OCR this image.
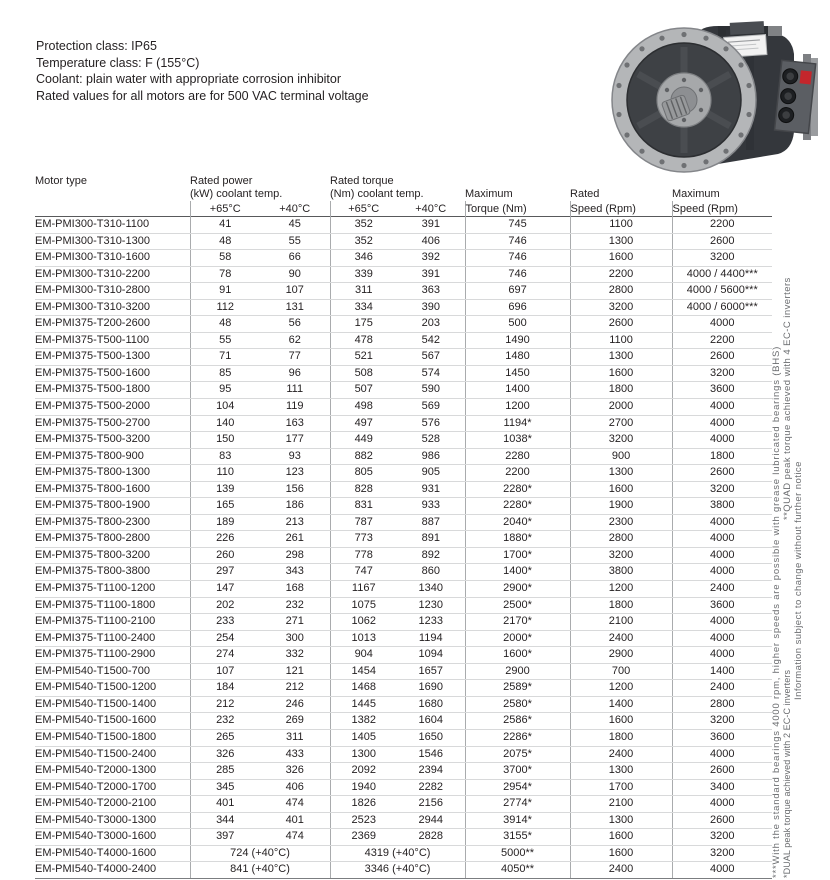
Protection class: IP65
Temperature class: F (155°C)
Coolant: plain water with appropriate corrosion inhibitor
Rated values for all motors are for 500 VAC terminal voltage
Motor type	Rated power		Rated torque				
	(kW) coolant temp.		(Nm) coolant temp.		Maximum	Rated	Maximum
	+65°C	+40°C	+65°C	+40°C	Torque (Nm)	Speed (Rpm)	Speed (Rpm)
EM-PMI300-T310-1100	41	45	352	391	745	1100	2200
EM-PMI300-T310-1300	48	55	352	406	746	1300	2600
EM-PMI300-T310-1600	58	66	346	392	746	1600	3200
EM-PMI300-T310-2200	78	90	339	391	746	2200	4000 / 4400***
EM-PMI300-T310-2800	91	107	311	363	697	2800	4000 / 5600***
EM-PMI300-T310-3200	112	131	334	390	696	3200	4000 / 6000***
EM-PMI375-T200-2600	48	56	175	203	500	2600	4000
EM-PMI375-T500-1100	55	62	478	542	1490	1100	2200
EM-PMI375-T500-1300	71	77	521	567	1480	1300	2600
EM-PMI375-T500-1600	85	96	508	574	1450	1600	3200
EM-PMI375-T500-1800	95	111	507	590	1400	1800	3600
EM-PMI375-T500-2000	104	119	498	569	1200	2000	4000
EM-PMI375-T500-2700	140	163	497	576	1194*	2700	4000
EM-PMI375-T500-3200	150	177	449	528	1038*	3200	4000
EM-PMI375-T800-900	83	93	882	986	2280	900	1800
EM-PMI375-T800-1300	110	123	805	905	2200	1300	2600
EM-PMI375-T800-1600	139	156	828	931	2280*	1600	3200
EM-PMI375-T800-1900	165	186	831	933	2280*	1900	3800
EM-PMI375-T800-2300	189	213	787	887	2040*	2300	4000
EM-PMI375-T800-2800	226	261	773	891	1880*	2800	4000
EM-PMI375-T800-3200	260	298	778	892	1700*	3200	4000
EM-PMI375-T800-3800	297	343	747	860	1400*	3800	4000
EM-PMI375-T1100-1200	147	168	1167	1340	2900*	1200	2400
EM-PMI375-T1100-1800	202	232	1075	1230	2500*	1800	3600
EM-PMI375-T1100-2100	233	271	1062	1233	2170*	2100	4000
EM-PMI375-T1100-2400	254	300	1013	1194	2000*	2400	4000
EM-PMI375-T1100-2900	274	332	904	1094	1600*	2900	4000
EM-PMI540-T1500-700	107	121	1454	1657	2900	700	1400
EM-PMI540-T1500-1200	184	212	1468	1690	2589*	1200	2400
EM-PMI540-T1500-1400	212	246	1445	1680	2580*	1400	2800
EM-PMI540-T1500-1600	232	269	1382	1604	2586*	1600	3200
EM-PMI540-T1500-1800	265	311	1405	1650	2286*	1800	3600
EM-PMI540-T1500-2400	326	433	1300	1546	2075*	2400	4000
EM-PMI540-T2000-1300	285	326	2092	2394	3700*	1300	2600
EM-PMI540-T2000-1700	345	406	1940	2282	2954*	1700	3400
EM-PMI540-T2000-2100	401	474	1826	2156	2774*	2100	4000
EM-PMI540-T3000-1300	344	401	2523	2944	3914*	1300	2600
EM-PMI540-T3000-1600	397	474	2369	2828	3155*	1600	3200
EM-PMI540-T4000-1600	724 (+40°C)		4319 (+40°C)		5000**	1600	3200
EM-PMI540-T4000-2400	841 (+40°C)		3346 (+40°C)		4050**	2400	4000	***With the standard bearings 4000 rpm, higher speeds are possible with grease lubricated bearings (BHS) **QUAD peak torque achieved with 4 EC-C inverters
*DUAL peak torque achieved with 2 EC-C inverters
Information subject to change without further notice
